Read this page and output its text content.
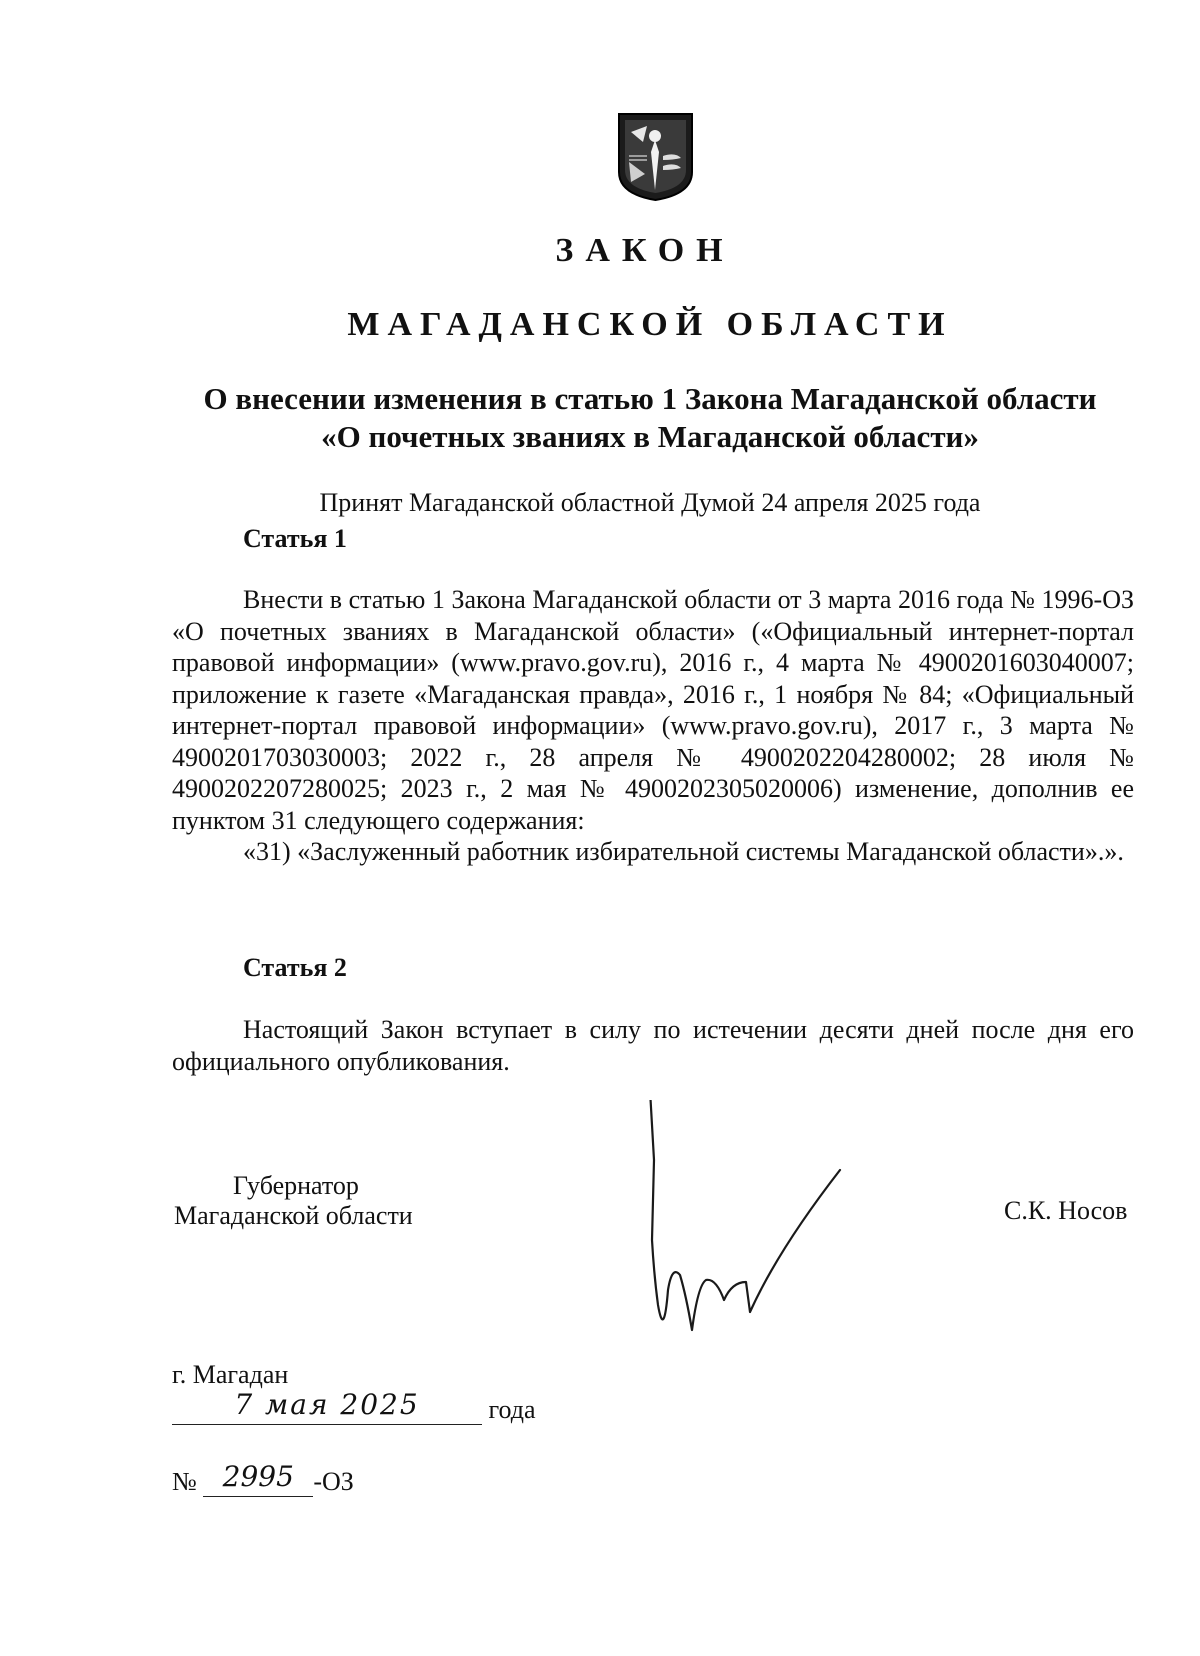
ЗАКОН
МАГАДАНСКОЙ ОБЛАСТИ
О внесении изменения в статью 1 Закона Магаданской области
«О почетных званиях в Магаданской области»
Принят Магаданской областной Думой 24 апреля 2025 года
Статья 1

Внести в статью 1 Закона Магаданской области от 3 марта 2016 года № 1996-ОЗ «О почетных званиях в Магаданской области» («Официальный интернет-портал правовой информации» (www.pravo.gov.ru), 2016 г., 4 марта № 4900201603040007; приложение к газете «Магаданская правда», 2016 г., 1 ноября № 84; «Официальный интернет-портал правовой информации» (www.pravo.gov.ru), 2017 г., 3 марта № 4900201703030003; 2022 г., 28 апреля № 4900202204280002; 28 июля № 4900202207280025; 2023 г., 2 мая № 4900202305020006) изменение, дополнив ее пунктом 31 следующего содержания:

«31) «Заслуженный работник избирательной системы Магаданской области».».

Статья 2

Настоящий Закон вступает в силу по истечении десяти дней после дня его официального опубликования.

Губернатор
Магаданской области	С.К. Носов
г. Магадан
7 мая 2025	года
№ 2995 -ОЗ
